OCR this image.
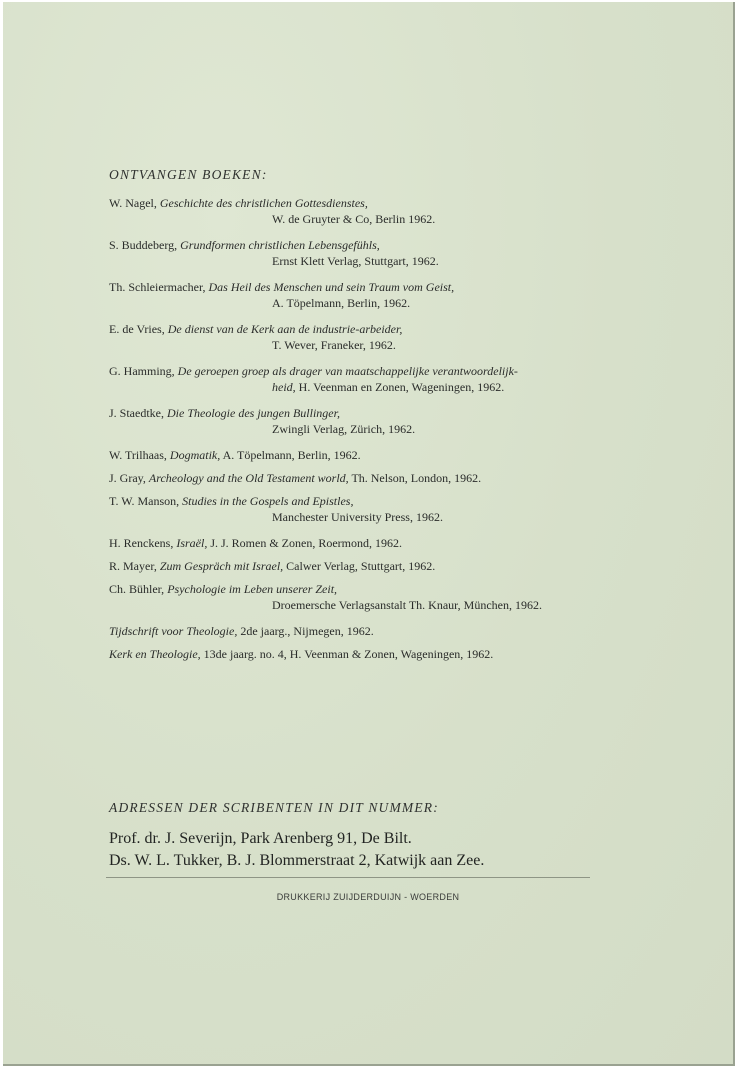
ONTVANGEN BOEKEN:
W. Nagel, Geschichte des christlichen Gottesdienstes,
W. de Gruyter & Co, Berlin 1962.
S. Buddeberg, Grundformen christlichen Lebensgefühls,
Ernst Klett Verlag, Stuttgart, 1962.
Th. Schleiermacher, Das Heil des Menschen und sein Traum vom Geist,
A. Töpelmann, Berlin, 1962.
E. de Vries, De dienst van de Kerk aan de industrie-arbeider,
T. Wever, Franeker, 1962.
G. Hamming, De geroepen groep als drager van maatschappelijke verantwoordelijk-
heid, H. Veenman en Zonen, Wageningen, 1962.
J. Staedtke, Die Theologie des jungen Bullinger,
Zwingli Verlag, Zürich, 1962.
W. Trilhaas, Dogmatik, A. Töpelmann, Berlin, 1962.
J. Gray, Archeology and the Old Testament world, Th. Nelson, London, 1962.
T. W. Manson, Studies in the Gospels and Epistles,
Manchester University Press, 1962.
H. Renckens, Israël, J. J. Romen & Zonen, Roermond, 1962.
R. Mayer, Zum Gespräch mit Israel, Calwer Verlag, Stuttgart, 1962.
Ch. Bühler, Psychologie im Leben unserer Zeit,
Droemersche Verlagsanstalt Th. Knaur, München, 1962.
Tijdschrift voor Theologie, 2de jaarg., Nijmegen, 1962.
Kerk en Theologie, 13de jaarg. no. 4, H. Veenman & Zonen, Wageningen, 1962.
ADRESSEN DER SCRIBENTEN IN DIT NUMMER:
Prof. dr. J. Severijn, Park Arenberg 91, De Bilt.
Ds. W. L. Tukker, B. J. Blommerstraat 2, Katwijk aan Zee.
DRUKKERIJ ZUIJDERDUIJN - WOERDEN
